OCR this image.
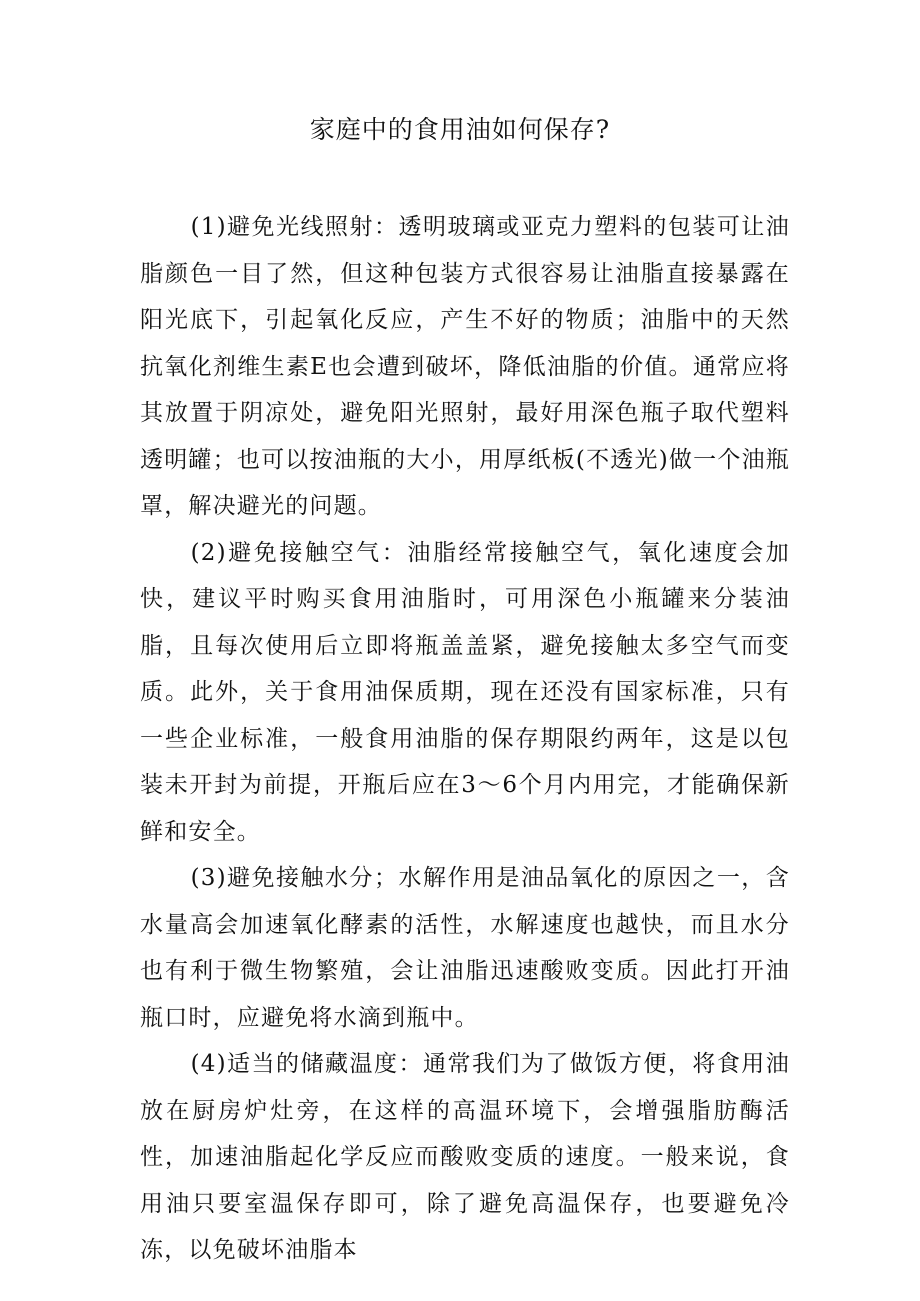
家庭中的食用油如何保存?

(1)避免光线照射：透明玻璃或亚克力塑料的包装可让油脂颜色一目了然，但这种包装方式很容易让油脂直接暴露在阳光底下，引起氧化反应，产生不好的物质；油脂中的天然抗氧化剂维生素E也会遭到破坏，降低油脂的价值。通常应将其放置于阴凉处，避免阳光照射，最好用深色瓶子取代塑料透明罐；也可以按油瓶的大小，用厚纸板(不透光)做一个油瓶罩，解决避光的问题。

(2)避免接触空气：油脂经常接触空气，氧化速度会加快，建议平时购买食用油脂时，可用深色小瓶罐来分装油脂，且每次使用后立即将瓶盖盖紧，避免接触太多空气而变质。此外，关于食用油保质期，现在还没有国家标准，只有一些企业标准，一般食用油脂的保存期限约两年，这是以包装未开封为前提，开瓶后应在3～6个月内用完，才能确保新鲜和安全。

(3)避免接触水分；水解作用是油品氧化的原因之一，含水量高会加速氧化酵素的活性，水解速度也越快，而且水分也有利于微生物繁殖，会让油脂迅速酸败变质。因此打开油瓶口时，应避免将水滴到瓶中。

(4)适当的储藏温度：通常我们为了做饭方便，将食用油放在厨房炉灶旁，在这样的高温环境下，会增强脂肪酶活性，加速油脂起化学反应而酸败变质的速度。一般来说，食用油只要室温保存即可，除了避免高温保存，也要避免冷冻，以免破坏油脂本
